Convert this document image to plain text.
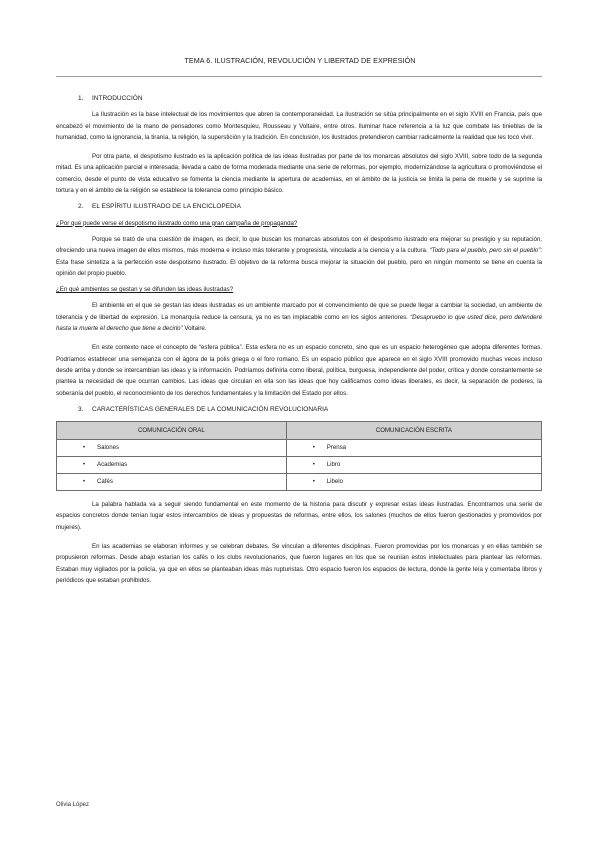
TEMA 6. ILUSTRACIÓN, REVOLUCIÓN Y LIBERTAD DE EXPRESIÓN
1. INTRODUCCIÓN

La Ilustración es la base intelectual de los movimientos que abren la contemporaneidad. La Ilustración se sitúa principalmente en el siglo XVIII en Francia, país que encabezó el movimiento de la mano de pensadores como Montesquieu, Rousseau y Voltaire, entre otros. Iluminar hace referencia a la luz que combate las tinieblas de la humanidad, como la ignorancia, la tiranía, la religión, la superstición y la tradición. En conclusión, los ilustrados pretendieron cambiar radicalmente la realidad que les tocó vivir.

Por otra parte, el despotismo ilustrado es la aplicación política de las ideas ilustradas por parte de los monarcas absolutos del siglo XVIII, sobre todo de la segunda mitad. Es una aplicación parcial e interesada, llevada a cabo de forma moderada mediante una serie de reformas, por ejemplo, modernizándose la agricultura o promoviéndose el comercio, desde el punto de vista educativo se fomenta la ciencia mediante la apertura de academias, en el ámbito de la justicia se limita la pena de muerte y se suprime la tortura y en el ámbito de la religión se establece la tolerancia como principio básico.

2. EL ESPÍRITU ILUSTRADO DE LA ENCICLOPEDIA

¿Por qué puede verse el despotismo ilustrado como una gran campaña de propaganda?

Porque se trató de una cuestión de imagen, es decir, lo que buscan los monarcas absolutos con el despotismo ilustrado era mejorar su prestigio y su reputación, ofreciendo una nueva imagen de ellos mismos, más moderna e incluso más tolerante y progresista, vinculada a la ciencia y a la cultura. “Todo para el pueblo, pero sin el pueblo”: Esta frase sintetiza a la perfección este despotismo ilustrado. El objetivo de la reforma busca mejorar la situación del pueblo, pero en ningún momento se tiene en cuenta la opinión del propio pueblo.

¿En qué ambientes se gestan y se difunden las ideas ilustradas?

El ambiente en el que se gestan las ideas ilustradas es un ambiente marcado por el convencimiento de que se puede llegar a cambiar la sociedad, un ambiente de tolerancia y de libertad de expresión. La monarquía reduce la censura, ya no es tan implacable como en los siglos anteriores. “Desapruebo lo que usted dice, pero defenderé hasta la muerte el derecho que tiene a decirlo” Voltaire.

En este contexto nace el concepto de “esfera pública”. Esta esfera no es un espacio concreto, sino que es un espacio heterogéneo que adopta diferentes formas. Podríamos establecer una semejanza con el ágora de la polis griega o el foro romano. Es un espacio público que aparece en el siglo XVIII promovido muchas veces incluso desde arriba y donde se intercambian las ideas y la información. Podríamos definirla como liberal, política, burguesa, independiente del poder, crítica y donde constantemente se plantea la necesidad de que ocurran cambios. Las ideas que circulan en ella son las ideas que hoy calificamos como ideas liberales, es decir, la separación de poderes, la soberanía del pueblo, el reconocimiento de los derechos fundamentales y la limitación del Estado por ellos.

3. CARACTERÍSTICAS GENERALES DE LA COMUNICACIÓN REVOLUCIONARIA
COMUNICACIÓN ORAL	COMUNICACIÓN ESCRITA
• Salones	• Prensa
• Academias	• Libro
• Cafés	• Libelo

La palabra hablada va a seguir siendo fundamental en este momento de la historia para discutir y expresar estas ideas ilustradas. Encontramos una serie de espacios concretos donde tenían lugar estos intercambios de ideas y propuestas de reformas, entre ellos, los salones (muchos de ellos fueron gestionados y promovidos por mujeres).

En las academias se elaboran informes y se celebran debates. Se vinculan a diferentes disciplinas. Fueron promovidas por los monarcas y en ellas también se propusieron reformas. Desde abajo estarían los cafés o los clubs revolucionarios, que fueron lugares en los que se reunían estos intelectuales para plantear las reformas. Estaban muy vigilados por la policía, ya que en ellos se planteaban ideas más rupturistas. Otro espacio fueron los espacios de lectura, donde la gente leía y comentaba libros y periódicos que estaban prohibidos.

Olivia López
